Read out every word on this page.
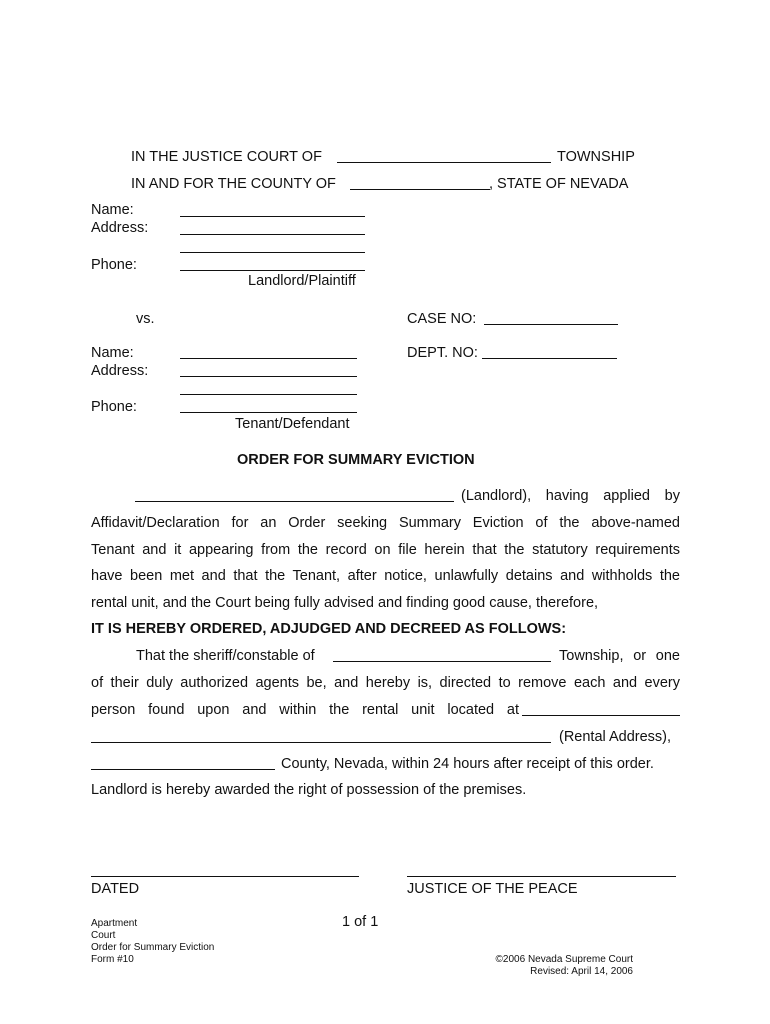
IN THE JUSTICE COURT OF	TOWNSHIP
IN AND FOR THE COUNTY OF	, STATE OF NEVADA
Name:
Address:
Phone:
Landlord/Plaintiff
vs.	CASE NO:
DEPT. NO:
Name:
Address:
Phone:
Tenant/Defendant
ORDER FOR SUMMARY EVICTION
(Landlord), having applied by
Affidavit/Declaration for an Order seeking Summary Eviction of the above-named
Tenant and it appearing from the record on file herein that the statutory requirements
have been met and that the Tenant, after notice, unlawfully detains and withholds the
rental unit, and the Court being fully advised and finding good cause, therefore,
IT IS HEREBY ORDERED, ADJUDGED AND DECREED AS FOLLOWS:
That the sheriff/constable of	Township, or one
of their duly authorized agents be, and hereby is, directed to remove each and every
person found upon and within the rental unit located at
(Rental Address),
County, Nevada, within 24 hours after receipt of this order.
Landlord is hereby awarded the right of possession of the premises.
DATED	JUSTICE OF THE PEACE
Apartment
Court
Order for Summary Eviction
Form #10
1 of 1
©2006 Nevada Supreme Court
Revised: April 14, 2006
